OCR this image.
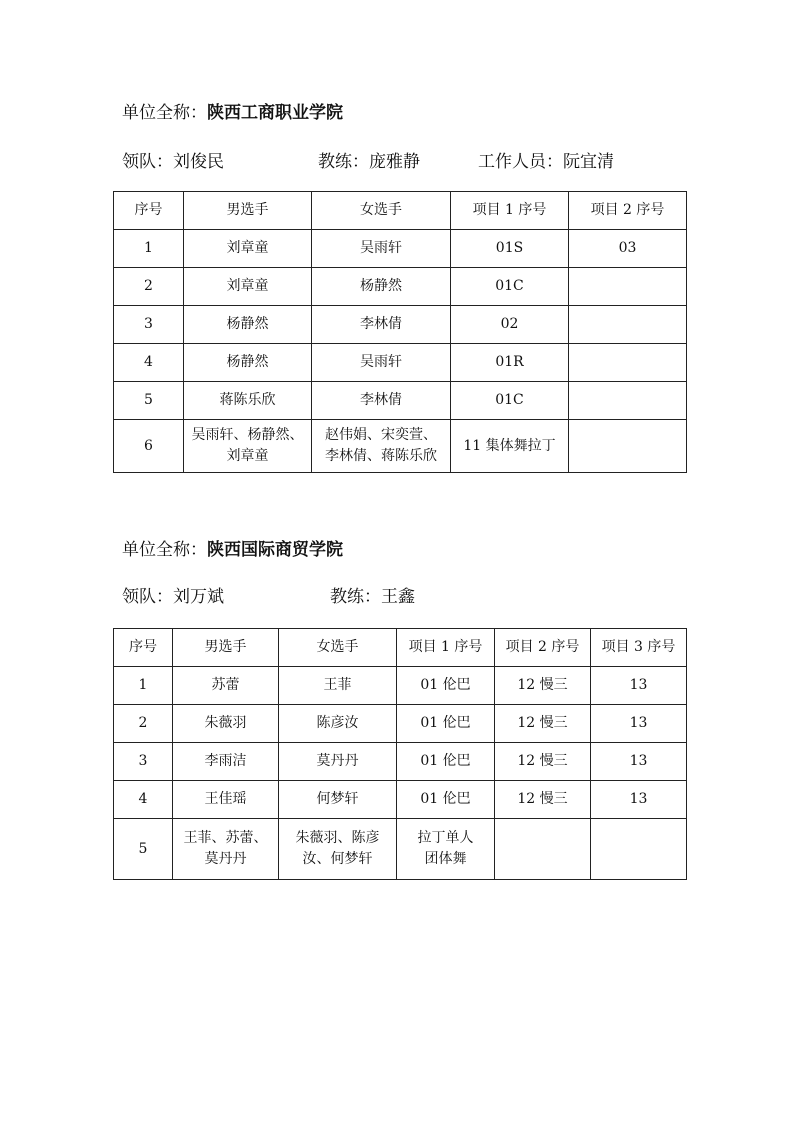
单位全称：陕西工商职业学院
领队：刘俊民	教练：庞雅静	工作人员：阮宜清
序号	男选手	女选手	项目 1 序号	项目 2 序号
1	刘章童	吴雨轩	01S	03
2	刘章童	杨静然	01C	
3	杨静然	李林倩	02	
4	杨静然	吴雨轩	01R	
5	蒋陈乐欣	李林倩	01C	
6	吴雨轩、杨静然、
刘章童	赵伟娟、宋奕萱、
李林倩、蒋陈乐欣	11 集体舞拉丁	
单位全称：陕西国际商贸学院
领队：刘万斌	教练：王鑫
序号	男选手	女选手	项目 1 序号	项目 2 序号	项目 3 序号
1	苏蕾	王菲	01 伦巴	12 慢三	13
2	朱薇羽	陈彦汝	01 伦巴	12 慢三	13
3	李雨洁	莫丹丹	01 伦巴	12 慢三	13
4	王佳瑶	何梦轩	01 伦巴	12 慢三	13
5	王菲、苏蕾、
莫丹丹	朱薇羽、陈彦
汝、何梦轩	拉丁单人
团体舞		
